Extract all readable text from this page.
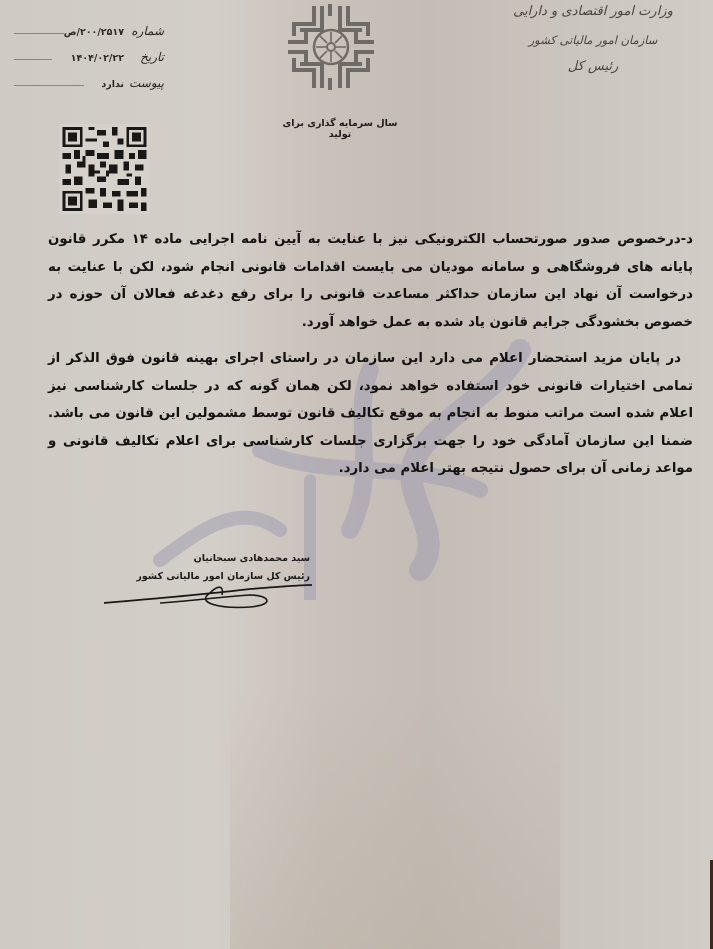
شماره
۲۰۰/۲۵۱۷/ص
تاریخ
۱۴۰۴/۰۲/۲۲
پیوست
ندارد
سال سرمایه گذاری برای تولید
وزارت امور اقتصادی و دارایی
سازمان امور مالیاتی کشور
رئیس کل

د-درخصوص صدور صورتحساب الکترونیکی نیز با عنایت به آیین نامه اجرایی ماده ۱۴ مکرر قانون پایانه های فروشگاهی و سامانه مودیان می بایست اقدامات قانونی انجام شود، لکن با عنایت به درخواست آن نهاد این سازمان حداکثر مساعدت قانونی را برای رفع دغدغه فعالان آن حوزه در خصوص بخشودگی جرایم قانون یاد شده به عمل خواهد آورد.

در پایان مزید استحضار اعلام می دارد این سازمان در راستای اجرای بهینه قانون فوق الذکر از تمامی اختیارات قانونی خود استفاده خواهد نمود، لکن همان گونه که در جلسات کارشناسی نیز اعلام شده است مراتب منوط به انجام به موقع تکالیف قانون توسط مشمولین این قانون می باشد. ضمنا این سازمان آمادگی خود را جهت برگزاری جلسات کارشناسی برای اعلام تکالیف قانونی و مواعد زمانی آن برای حصول نتیجه بهتر اعلام می دارد.

سید محمدهادی سبحانیان
رئیس کل سازمان امور مالیاتی کشور
